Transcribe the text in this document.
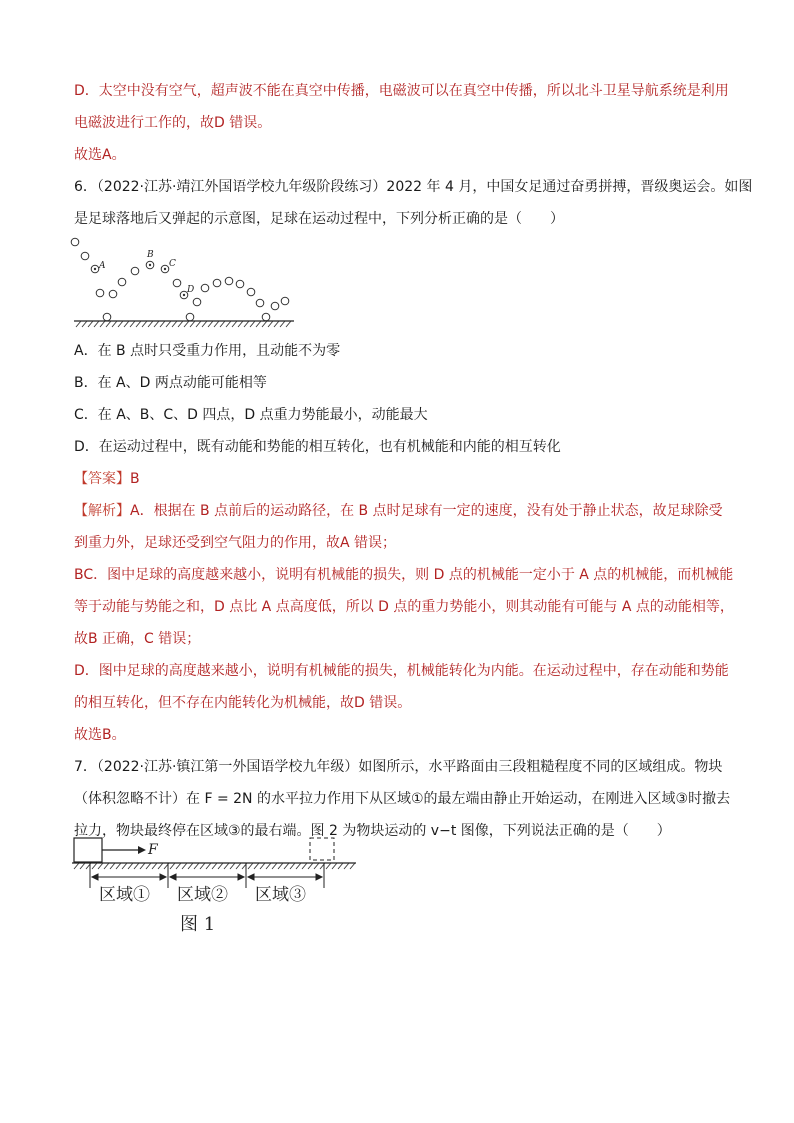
D．太空中没有空气，超声波不能在真空中传播，电磁波可以在真空中传播，所以北斗卫星导航系统是利用
电磁波进行工作的，故D 错误。
故选A。
6．（2022·江苏·靖江外国语学校九年级阶段练习）2022 年 4 月，中国女足通过奋勇拼搏，晋级奥运会。如图
是足球落地后又弹起的示意图，足球在运动过程中，下列分析正确的是（　　）
A
B
C
D
A．在 B 点时只受重力作用，且动能不为零
B．在 A、D 两点动能可能相等
C．在 A、B、C、D 四点，D 点重力势能最小，动能最大
D．在运动过程中，既有动能和势能的相互转化，也有机械能和内能的相互转化
【答案】B
【解析】A．根据在 B 点前后的运动路径，在 B 点时足球有一定的速度，没有处于静止状态，故足球除受
到重力外，足球还受到空气阻力的作用，故A 错误；
BC．图中足球的高度越来越小，说明有机械能的损失，则 D 点的机械能一定小于 A 点的机械能，而机械能
等于动能与势能之和，D 点比 A 点高度低，所以 D 点的重力势能小，则其动能有可能与 A 点的动能相等，
故B 正确，C 错误；
D．图中足球的高度越来越小，说明有机械能的损失，机械能转化为内能。在运动过程中，存在动能和势能
的相互转化，但不存在内能转化为机械能，故D 错误。
故选B。
7．（2022·江苏·镇江第一外国语学校九年级）如图所示，水平路面由三段粗糙程度不同的区域组成。物块
（体积忽略不计）在 F = 2N 的水平拉力作用下从区域①的最左端由静止开始运动，在刚进入区域③时撤去
拉力，物块最终停在区域③的最右端。图 2 为物块运动的 v−t 图像，下列说法正确的是（　　）
F
区域① 区域② 区域③
图 1
